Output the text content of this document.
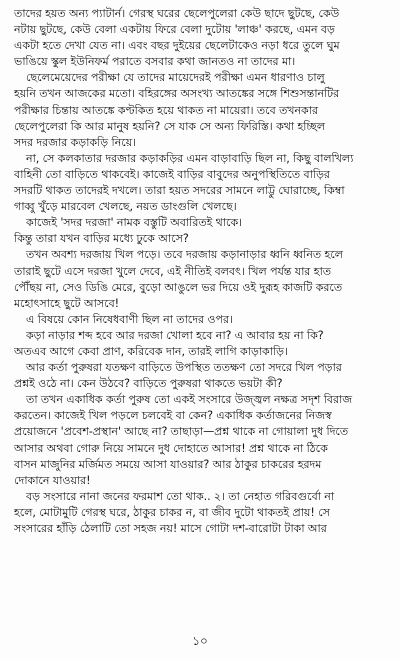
তাদের হয়ত অন্য প্যাটার্ন। গেরস্থ ঘরের ছেলেপুলেরা কেউ ছাদে ছুটছে, কেউ
নটায় ছুটছে, কেউ বেলা একটায় ফিরে বেলা দুটোয় 'লাঞ্চ' করছে, এমন বড়
একটা হতে দেখা যেত না। এবং বছর দুইয়ের ছেলেটাকেও নড়া ধরে তুলে ঘুম
ভাঙিয়ে স্কুল ইউনিফর্ম পরাতে বসবার কথা জানতও না তাদের মা।
ছেলেমেয়েদের পরীক্ষা যে তাদের মায়েদেরই পরীক্ষা এমন ধারণাও চালু
হয়নি তখন আজকের মতো। বহিরঙ্গের অসংখ্য আতঙ্কের সঙ্গে শিশুসন্তানটির
পরীক্ষার চিন্তায় আতঙ্কে কণ্টকিত হয়ে থাকত না মায়েরা। তবে তখনকার
ছেলেপুলেরা কি আর মানুষ হয়নি? সে যাক সে অন্য ফিরিস্তি। কথা হচ্ছিল
সদর দরজার কড়াকড়ি নিয়ে।
না, সে কলকাতার দরজার কড়াকড়ির এমন বাড়াবাড়ি ছিল না, কিছু বালখিল্য
বাহিনী তো বাড়িতে থাকবেই। কাজেই বাড়ির বাবুদের অনুপস্থিতিতে বাড়ির
সদরটি থাকত তাদেরই দখলে। তারা হয়ত সদরের সামনে লাট্টু ঘোরাচ্ছে, কিম্বা
গাব্বু খুঁড়ে মারবেল খেলছে, নয়ত ডাংগুলি খেলছে।
কাজেই 'সদর দরজা' নামক বস্তুটি অবারিতই থাকে।
কিন্তু তারা যখন বাড়ির মধ্যে ঢুকে আসে?
তখন অবশ্য দরজায় খিল পড়ে। তবে দরজায় কড়ানাড়ার ধ্বনি ধ্বনিত হলে
তারাই ছুটে এসে দরজা খুলে দেবে, এই নীতিই বলবৎ। খিল পর্যন্ত যার হাত
পৌঁছয় না, সেও ডিঙি মেরে, বুড়ো আঙুলে ভর দিয়ে ওই দুরূহ কাজটি করতে
মহোৎসাহে ছুটে আসবে!
এ বিষয়ে কোন নিষেধবাণী ছিল না তাদের ওপর।
কড়া নাড়ার শব্দ হবে আর দরজা খোলা হবে না? এ আবার হয় না কি?
অতএব আগে কেবা প্রাণ, করিবেক দান, তারই লাগি কাড়াকাড়ি।
আর কর্তা পুরুষরা যতক্ষণ বাড়িতে উপস্থিত ততক্ষণ তো সদরে খিল পড়ার
প্রশ্নই ওঠে না। কেন উঠবে? বাড়িতে পুরুষরা থাকতে ভয়টা কী?
তা তখন একাধিক কর্তা পুরুষ তো একই সংসারে উজ্জ্বল নক্ষত্র সদৃশ বিরাজ
করতেন। কাজেই খিল পড়লে চলবেই বা কেন? একাধিক কর্তাজনের নিজস্ব
প্রয়োজনে 'প্রবেশ-প্রস্থান' আছে না? তাছাড়া—প্রশ্ন থাকে না গোয়ালা দুধ দিতে
আসার অথবা গোরু নিয়ে সামনে দুধ দোহাতে আসার! প্রশ্ন থাকে না ঠিকে
বাসন মাজুনির মর্জিমত সময়ে আসা যাওয়ার? আর ঠাকুর চাকরের হরদম
দোকানে যাওয়ার!
বড় সংসারে নানা জনের ফরমাশ তো থাক.. ২। তা নেহাত গরিবগুর্বো না
হলে, মোটামুটি গেরস্থ ঘরে, ঠাকুর চাকর ন, বা জীব দুটো থাকতই প্রায়! সে
সংসারের হাঁড়ি ঠেলাটি তো সহজ নয়! মাসে গোটা দশ-বারোটা টাকা আর
১০
